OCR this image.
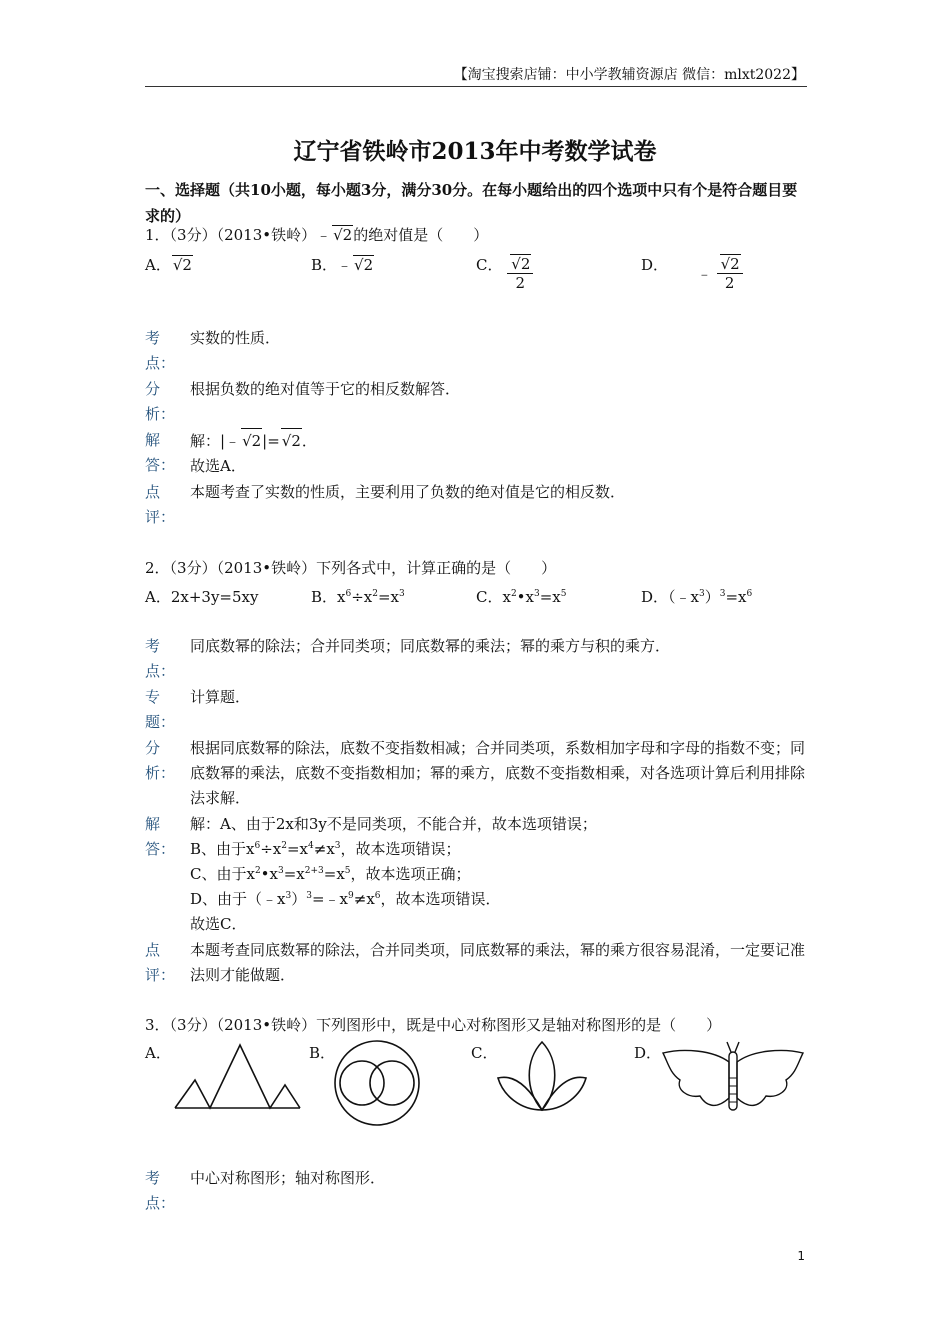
【淘宝搜索店铺：中小学教辅资源店 微信：mlxt2022】
辽宁省铁岭市2013年中考数学试卷
一、选择题（共10小题，每小题3分，满分30分。在每小题给出的四个选项中只有个是符合题目要求的）
1．（3分）（2013•铁岭）﹣ √2的绝对值是（　　）
A． √2	B．﹣ √2	C． $\frac{√2}{2}$	D． ﹣ $\frac{√2}{2}$
考
点：
实数的性质．
分
析：
根据负数的绝对值等于它的相反数解答．
解
答：
解：|﹣ √2|= √2．
故选A．
点
评：
本题考查了实数的性质，主要利用了负数的绝对值是它的相反数．
2．（3分）（2013•铁岭）下列各式中，计算正确的是（　　）
A．2x+3y=5xy	B．$x^6\div x^2=x^3$	C．$x^2•x^3=x^5$	D．$(﹣x^3)^3=x^6$
考
点：
同底数幂的除法；合并同类项；同底数幂的乘法；幂的乘方与积的乘方．
专
题：
计算题．
分
析：
根据同底数幂的除法，底数不变指数相减；合并同类项，系数相加字母和字母的指数不变；同底数幂的乘法，底数不变指数相加；幂的乘方，底数不变指数相乘，对各选项计算后利用排除法求解．
解
答：
解：A、由于2x和3y不是同类项，不能合并，故本选项错误；
B、由于$x^6\div x^2=x^4\ne x^3$，故本选项错误；
C、由于$x^2•x^3=x^{2+3}=x^5$，故本选项正确；
D、由于$(﹣x^3)^3=﹣x^9\ne x^6$，故本选项错误．
故选C．
点
评：
本题考查同底数幂的除法，合并同类项，同底数幂的乘法，幂的乘方很容易混淆，一定要记准法则才能做题．
3．（3分）（2013•铁岭）下列图形中，既是中心对称图形又是轴对称图形的是（　　）
A．	B．	C．	D．
考
点：
中心对称图形；轴对称图形．
1
